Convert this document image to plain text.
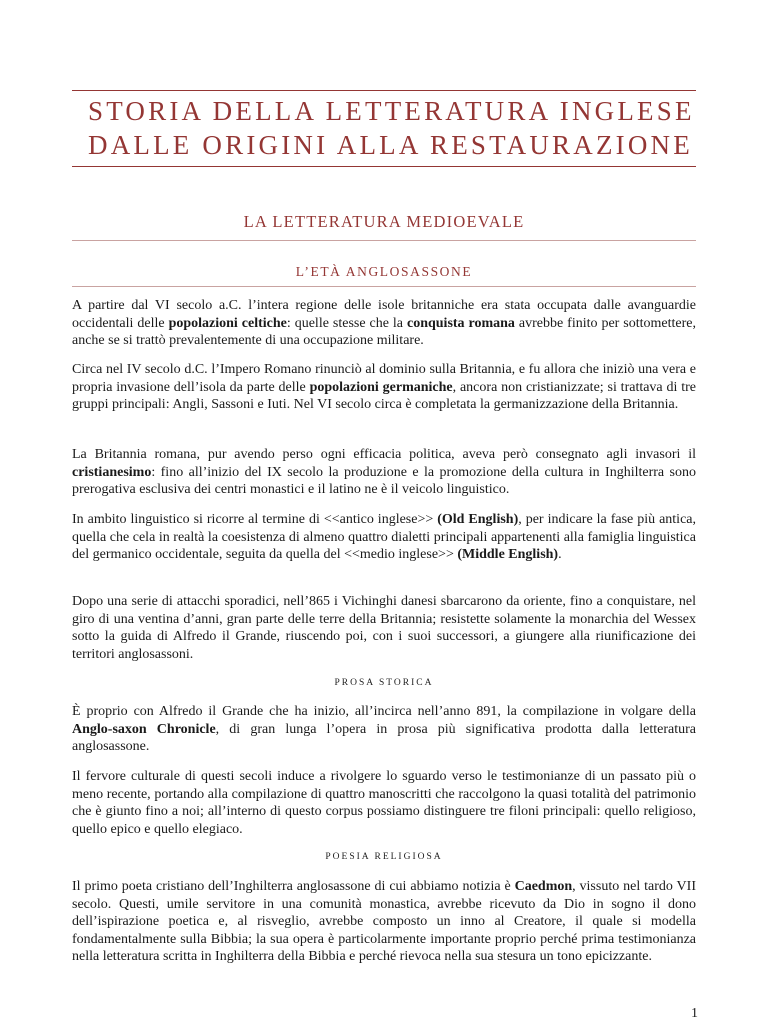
STORIA DELLA LETTERATURA INGLESE
DALLE ORIGINI ALLA RESTAURAZIONE
LA LETTERATURA MEDIOEVALE
L’ETÀ ANGLOSASSONE

A partire dal VI secolo a.C. l’intera regione delle isole britanniche era stata occupata dalle avanguardie occidentali delle popolazioni celtiche: quelle stesse che la conquista romana avrebbe finito per sottomettere, anche se si trattò prevalentemente di una occupazione militare.

Circa nel IV secolo d.C. l’Impero Romano rinunciò al dominio sulla Britannia, e fu allora che iniziò una vera e propria invasione dell’isola da parte delle popolazioni germaniche, ancora non cristianizzate; si trattava di tre gruppi principali: Angli, Sassoni e Iuti. Nel VI secolo circa è completata la germanizzazione della Britannia.

La Britannia romana, pur avendo perso ogni efficacia politica, aveva però consegnato agli invasori il cristianesimo: fino all’inizio del IX secolo la produzione e la promozione della cultura in Inghilterra sono prerogativa esclusiva dei centri monastici e il latino ne è il veicolo linguistico.

In ambito linguistico si ricorre al termine di <<antico inglese>> (Old English), per indicare la fase più antica, quella che cela in realtà la coesistenza di almeno quattro dialetti principali appartenenti alla famiglia linguistica del germanico occidentale, seguita da quella del <<medio inglese>> (Middle English).

Dopo una serie di attacchi sporadici, nell’865 i Vichinghi danesi sbarcarono da oriente, fino a conquistare, nel giro di una ventina d’anni, gran parte delle terre della Britannia; resistette solamente la monarchia del Wessex sotto la guida di Alfredo il Grande, riuscendo poi, con i suoi successori, a giungere alla riunificazione dei territori anglosassoni.

PROSA STORICA

È proprio con Alfredo il Grande che ha inizio, all’incirca nell’anno 891, la compilazione in volgare della Anglo-saxon Chronicle, di gran lunga l’opera in prosa più significativa prodotta dalla letteratura anglosassone.

Il fervore culturale di questi secoli induce a rivolgere lo sguardo verso le testimonianze di un passato più o meno recente, portando alla compilazione di quattro manoscritti che raccolgono la quasi totalità del patrimonio che è giunto fino a noi; all’interno di questo corpus possiamo distinguere tre filoni principali: quello religioso, quello epico e quello elegiaco.

POESIA RELIGIOSA

Il primo poeta cristiano dell’Inghilterra anglosassone di cui abbiamo notizia è Caedmon, vissuto nel tardo VII secolo. Questi, umile servitore in una comunità monastica, avrebbe ricevuto da Dio in sogno il dono dell’ispirazione poetica e, al risveglio, avrebbe composto un inno al Creatore, il quale si modella fondamentalmente sulla Bibbia; la sua opera è particolarmente importante proprio perché prima testimonianza nella letteratura scritta in Inghilterra della Bibbia e perché rievoca nella sua stesura un tono epicizzante.

1
